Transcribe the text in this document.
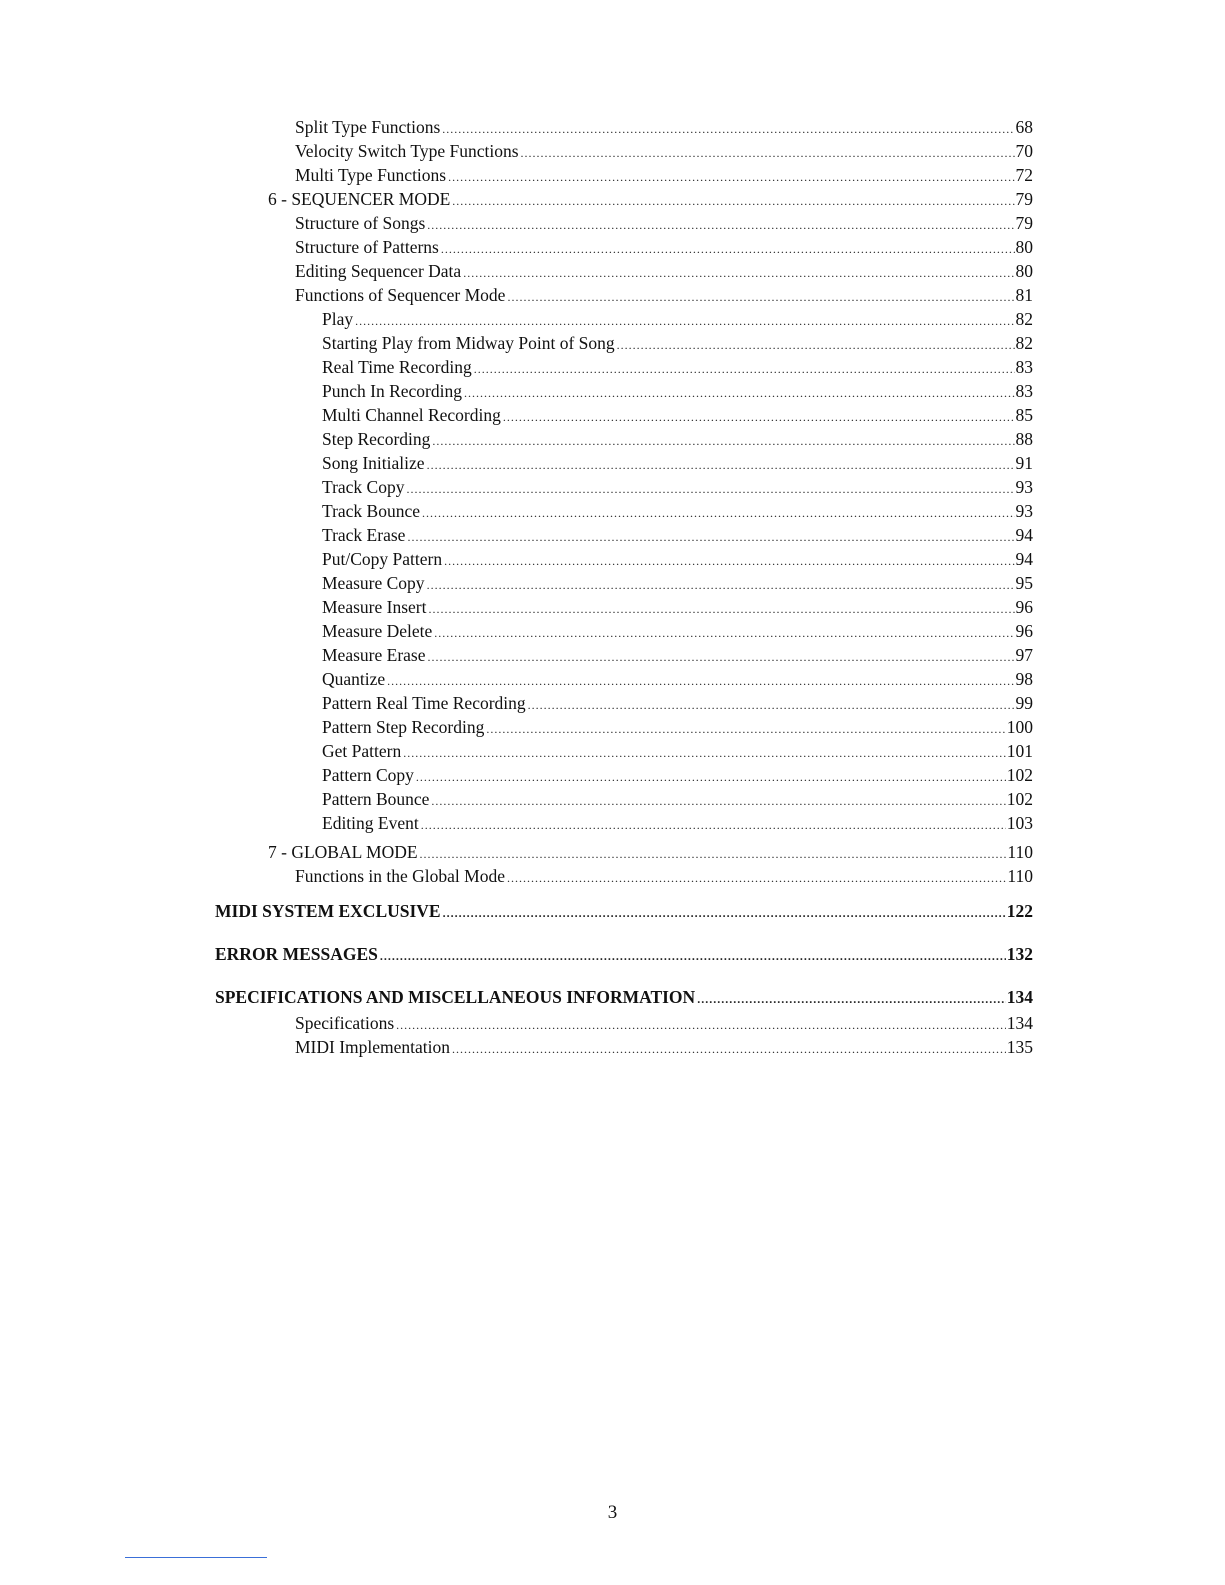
Split Type Functions .....	68
Velocity Switch Type Functions .....	70
Multi Type Functions .....	72
6 - SEQUENCER MODE .....	79
Structure of Songs .....	79
Structure of Patterns .....	80
Editing Sequencer Data .....	80
Functions of Sequencer Mode .....	81
Play .....	82
Starting Play from Midway Point of Song .....	82
Real Time Recording .....	83
Punch In Recording .....	83
Multi Channel Recording .....	85
Step Recording .....	88
Song Initialize .....	91
Track Copy .....	93
Track Bounce .....	93
Track Erase .....	94
Put/Copy Pattern .....	94
Measure Copy .....	95
Measure Insert .....	96
Measure Delete .....	96
Measure Erase .....	97
Quantize .....	98
Pattern Real Time Recording .....	99
Pattern Step Recording .....	100
Get Pattern .....	101
Pattern Copy .....	102
Pattern Bounce .....	102
Editing Event .....	103
7 - GLOBAL MODE .....	110
Functions in the Global Mode .....	110
MIDI SYSTEM EXCLUSIVE .....	122
ERROR MESSAGES .....	132
SPECIFICATIONS AND MISCELLANEOUS INFORMATION .....	134
Specifications .....	134
MIDI Implementation .....	135
3
